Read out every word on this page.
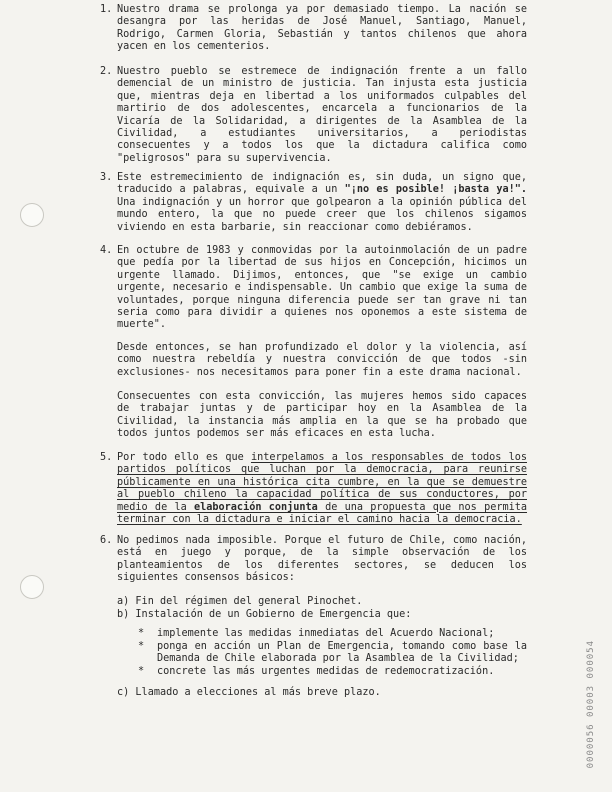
1. Nuestro drama se prolonga ya por demasiado tiempo. La nación se desangra por las heridas de José Manuel, Santiago, Manuel, Rodrigo, Carmen Gloria, Sebastián y tantos chilenos que ahora yacen en los cementerios.
2. Nuestro pueblo se estremece de indignación frente a un fallo demencial de un ministro de justicia. Tan injusta esta justicia que, mientras deja en libertad a los uniformados culpables del martirio de dos adolescentes, encarcela a funcionarios de la Vicaría de la Solidaridad, a dirigentes de la Asamblea de la Civilidad, a estudiantes universitarios, a periodistas consecuentes y a todos los que la dictadura califica como "peligrosos" para su supervivencia.
3. Este estremecimiento de indignación es, sin duda, un signo que, traducido a palabras, equivale a un "¡no es posible! ¡basta ya!". Una indignación y un horror que golpearon a la opinión pública del mundo entero, la que no puede creer que los chilenos sigamos viviendo en esta barbarie, sin reaccionar como debiéramos.
4. En octubre de 1983 y conmovidas por la autoinmolación de un padre que pedía por la libertad de sus hijos en Concepción, hicimos un urgente llamado. Dijimos, entonces, que "se exige un cambio urgente, necesario e indispensable. Un cambio que exige la suma de voluntades, porque ninguna diferencia puede ser tan grave ni tan seria como para dividir a quienes nos oponemos a este sistema de muerte".
Desde entonces, se han profundizado el dolor y la violencia, así como nuestra rebeldía y nuestra convicción de que todos -sin exclusiones- nos necesitamos para poner fin a este drama nacional.
Consecuentes con esta convicción, las mujeres hemos sido capaces de trabajar juntas y de participar hoy en la Asamblea de la Civilidad, la instancia más amplia en la que se ha probado que todos juntos podemos ser más eficaces en esta lucha.
5. Por todo ello es que interpelamos a los responsables de todos los partidos políticos que luchan por la democracia, para reunirse públicamente en una histórica cita cumbre, en la que se demuestre al pueblo chileno la capacidad política de sus conductores, por medio de la elaboración conjunta de una propuesta que nos permita terminar con la dictadura e iniciar el camino hacia la democracia.
6. No pedimos nada imposible. Porque el futuro de Chile, como nación, está en juego y porque, de la simple observación de los planteamientos de los diferentes sectores, se deducen los siguientes consensos básicos:
a) Fin del régimen del general Pinochet.
b) Instalación de un Gobierno de Emergencia que:
* implemente las medidas inmediatas del Acuerdo Nacional;
* ponga en acción un Plan de Emergencia, tomando como base la Demanda de Chile elaborada por la Asamblea de la Civilidad;
* concrete las más urgentes medidas de redemocratización.
c) Llamado a elecciones al más breve plazo.	0000056 00003 000054
